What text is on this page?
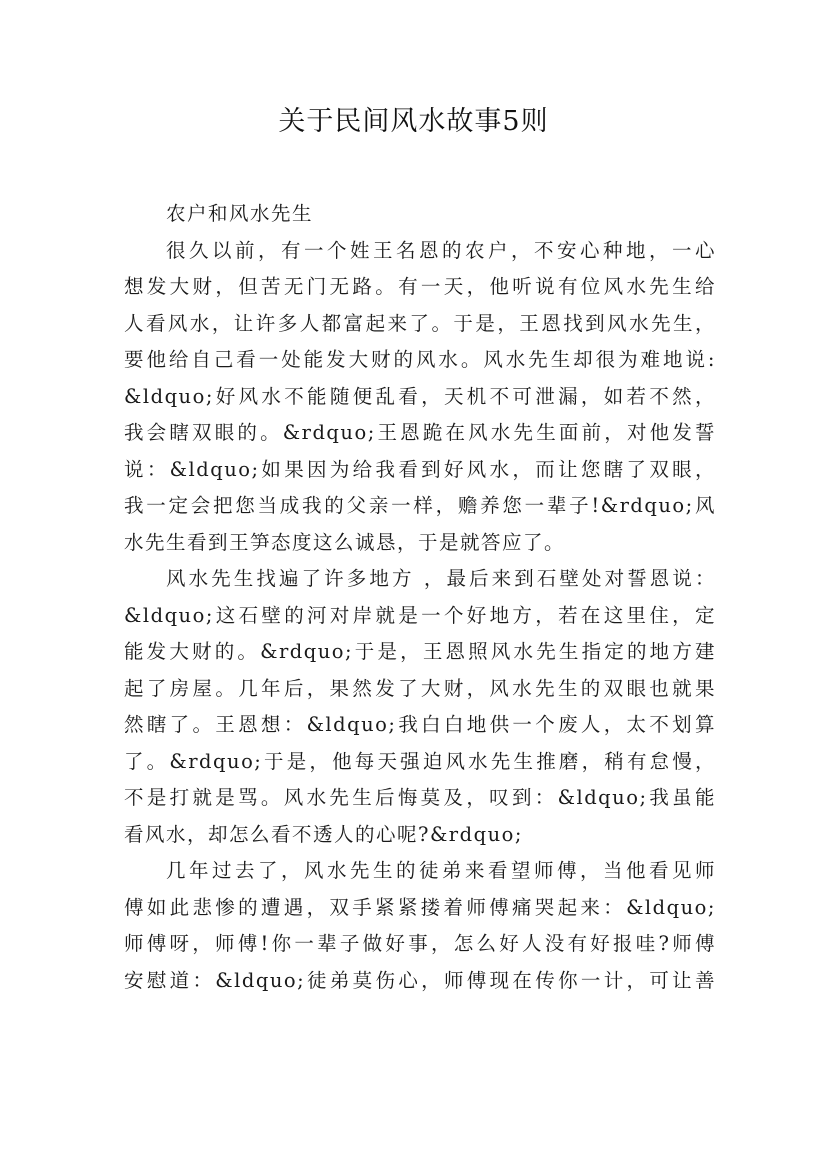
关于民间风水故事5则
农户和风水先生
很久以前，有一个姓王名恩的农户，不安心种地，一心
想发大财，但苦无门无路。有一天，他听说有位风水先生给
人看风水，让许多人都富起来了。于是，王恩找到风水先生，
要他给自己看一处能发大财的风水。风水先生却很为难地说:
&ldquo;好风水不能随便乱看，天机不可泄漏，如若不然，
我会瞎双眼的。&rdquo;王恩跪在风水先生面前，对他发誓
说：&ldquo;如果因为给我看到好风水，而让您瞎了双眼，
我一定会把您当成我的父亲一样，赡养您一辈子!&rdquo;风
水先生看到王笋态度这么诚恳，于是就答应了。
风水先生找遍了许多地方 ，最后来到石壁处对誓恩说：
&ldquo;这石壁的河对岸就是一个好地方，若在这里住，定
能发大财的。&rdquo;于是，王恩照风水先生指定的地方建
起了房屋。几年后，果然发了大财，风水先生的双眼也就果
然瞎了。王恩想：&ldquo;我白白地供一个废人，太不划算
了。&rdquo;于是，他每天强迫风水先生推磨，稍有怠慢，
不是打就是骂。风水先生后悔莫及，叹到：&ldquo;我虽能
看风水，却怎么看不透人的心呢?&rdquo;
几年过去了，风水先生的徒弟来看望师傅，当他看见师
傅如此悲惨的遭遇，双手紧紧搂着师傅痛哭起来：&ldquo;
师傅呀，师傅!你一辈子做好事，怎么好人没有好报哇?师傅
安慰道：&ldquo;徒弟莫伤心，师傅现在传你一计，可让善
